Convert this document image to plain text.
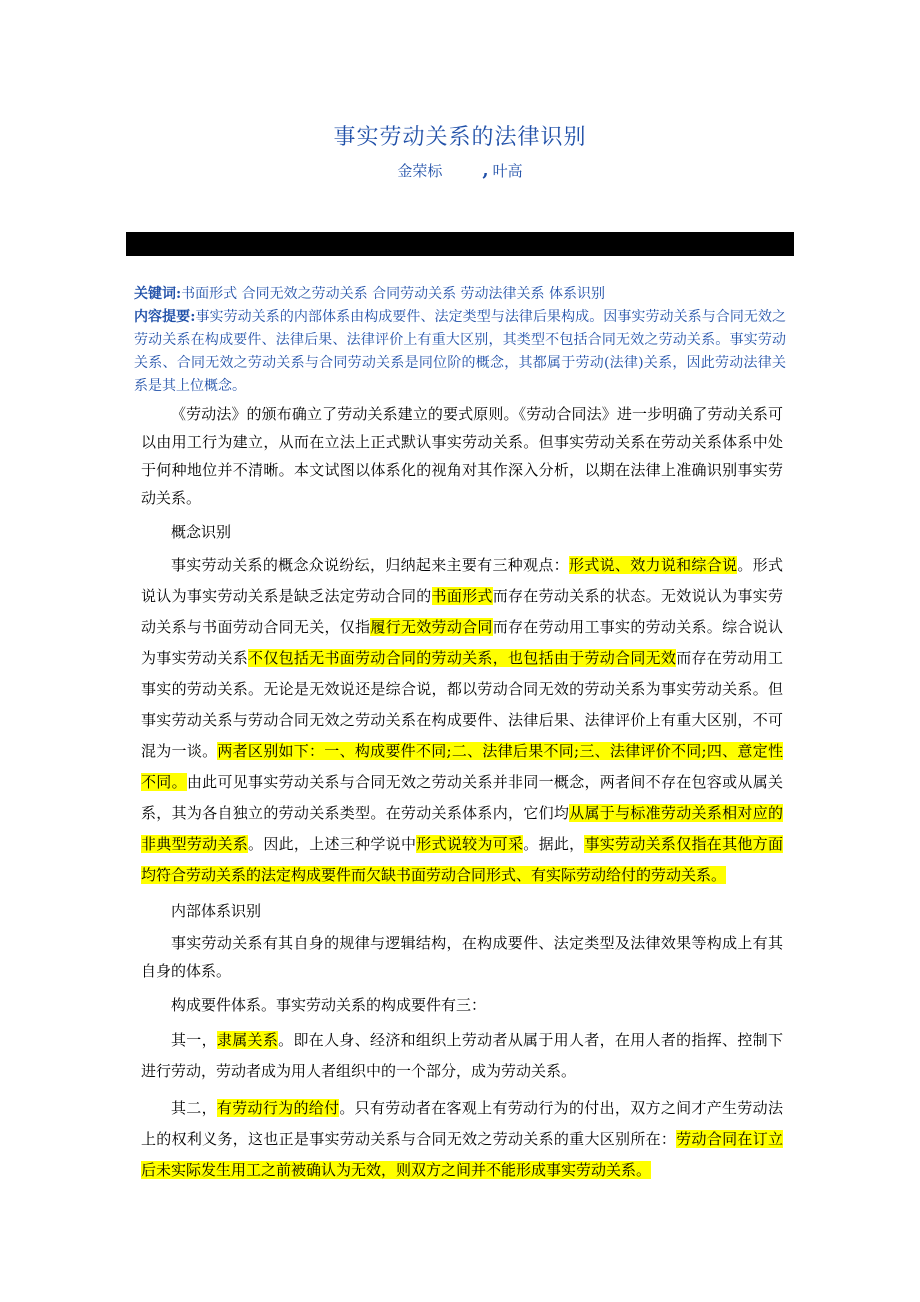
事实劳动关系的法律识别
金荣标 , 叶高
关键词:书面形式 合同无效之劳动关系 合同劳动关系 劳动法律关系 体系识别
内容提要:事实劳动关系的内部体系由构成要件、法定类型与法律后果构成。因事实劳动关系与合同无效之劳动关系在构成要件、法律后果、法律评价上有重大区别，其类型不包括合同无效之劳动关系。事实劳动关系、合同无效之劳动关系与合同劳动关系是同位阶的概念，其都属于劳动(法律)关系，因此劳动法律关系是其上位概念。

《劳动法》的颁布确立了劳动关系建立的要式原则。《劳动合同法》进一步明确了劳动关系可以由用工行为建立，从而在立法上正式默认事实劳动关系。但事实劳动关系在劳动关系体系中处于何种地位并不清晰。本文试图以体系化的视角对其作深入分析，以期在法律上准确识别事实劳动关系。

概念识别

事实劳动关系的概念众说纷纭，归纳起来主要有三种观点：形式说、效力说和综合说。形式说认为事实劳动关系是缺乏法定劳动合同的书面形式而存在劳动关系的状态。无效说认为事实劳动关系与书面劳动合同无关，仅指履行无效劳动合同而存在劳动用工事实的劳动关系。综合说认为事实劳动关系不仅包括无书面劳动合同的劳动关系，也包括由于劳动合同无效而存在劳动用工事实的劳动关系。无论是无效说还是综合说，都以劳动合同无效的劳动关系为事实劳动关系。但事实劳动关系与劳动合同无效之劳动关系在构成要件、法律后果、法律评价上有重大区别，不可混为一谈。两者区别如下：一、构成要件不同;二、法律后果不同;三、法律评价不同;四、意定性不同。由此可见事实劳动关系与合同无效之劳动关系并非同一概念，两者间不存在包容或从属关系，其为各自独立的劳动关系类型。在劳动关系体系内，它们均从属于与标准劳动关系相对应的非典型劳动关系。因此，上述三种学说中形式说较为可采。据此，事实劳动关系仅指在其他方面均符合劳动关系的法定构成要件而欠缺书面劳动合同形式、有实际劳动给付的劳动关系。

内部体系识别

事实劳动关系有其自身的规律与逻辑结构，在构成要件、法定类型及法律效果等构成上有其自身的体系。

构成要件体系。事实劳动关系的构成要件有三：

其一，隶属关系。即在人身、经济和组织上劳动者从属于用人者，在用人者的指挥、控制下进行劳动，劳动者成为用人者组织中的一个部分，成为劳动关系。

其二，有劳动行为的给付。只有劳动者在客观上有劳动行为的付出，双方之间才产生劳动法上的权利义务，这也正是事实劳动关系与合同无效之劳动关系的重大区别所在：劳动合同在订立后未实际发生用工之前被确认为无效，则双方之间并不能形成事实劳动关系。
